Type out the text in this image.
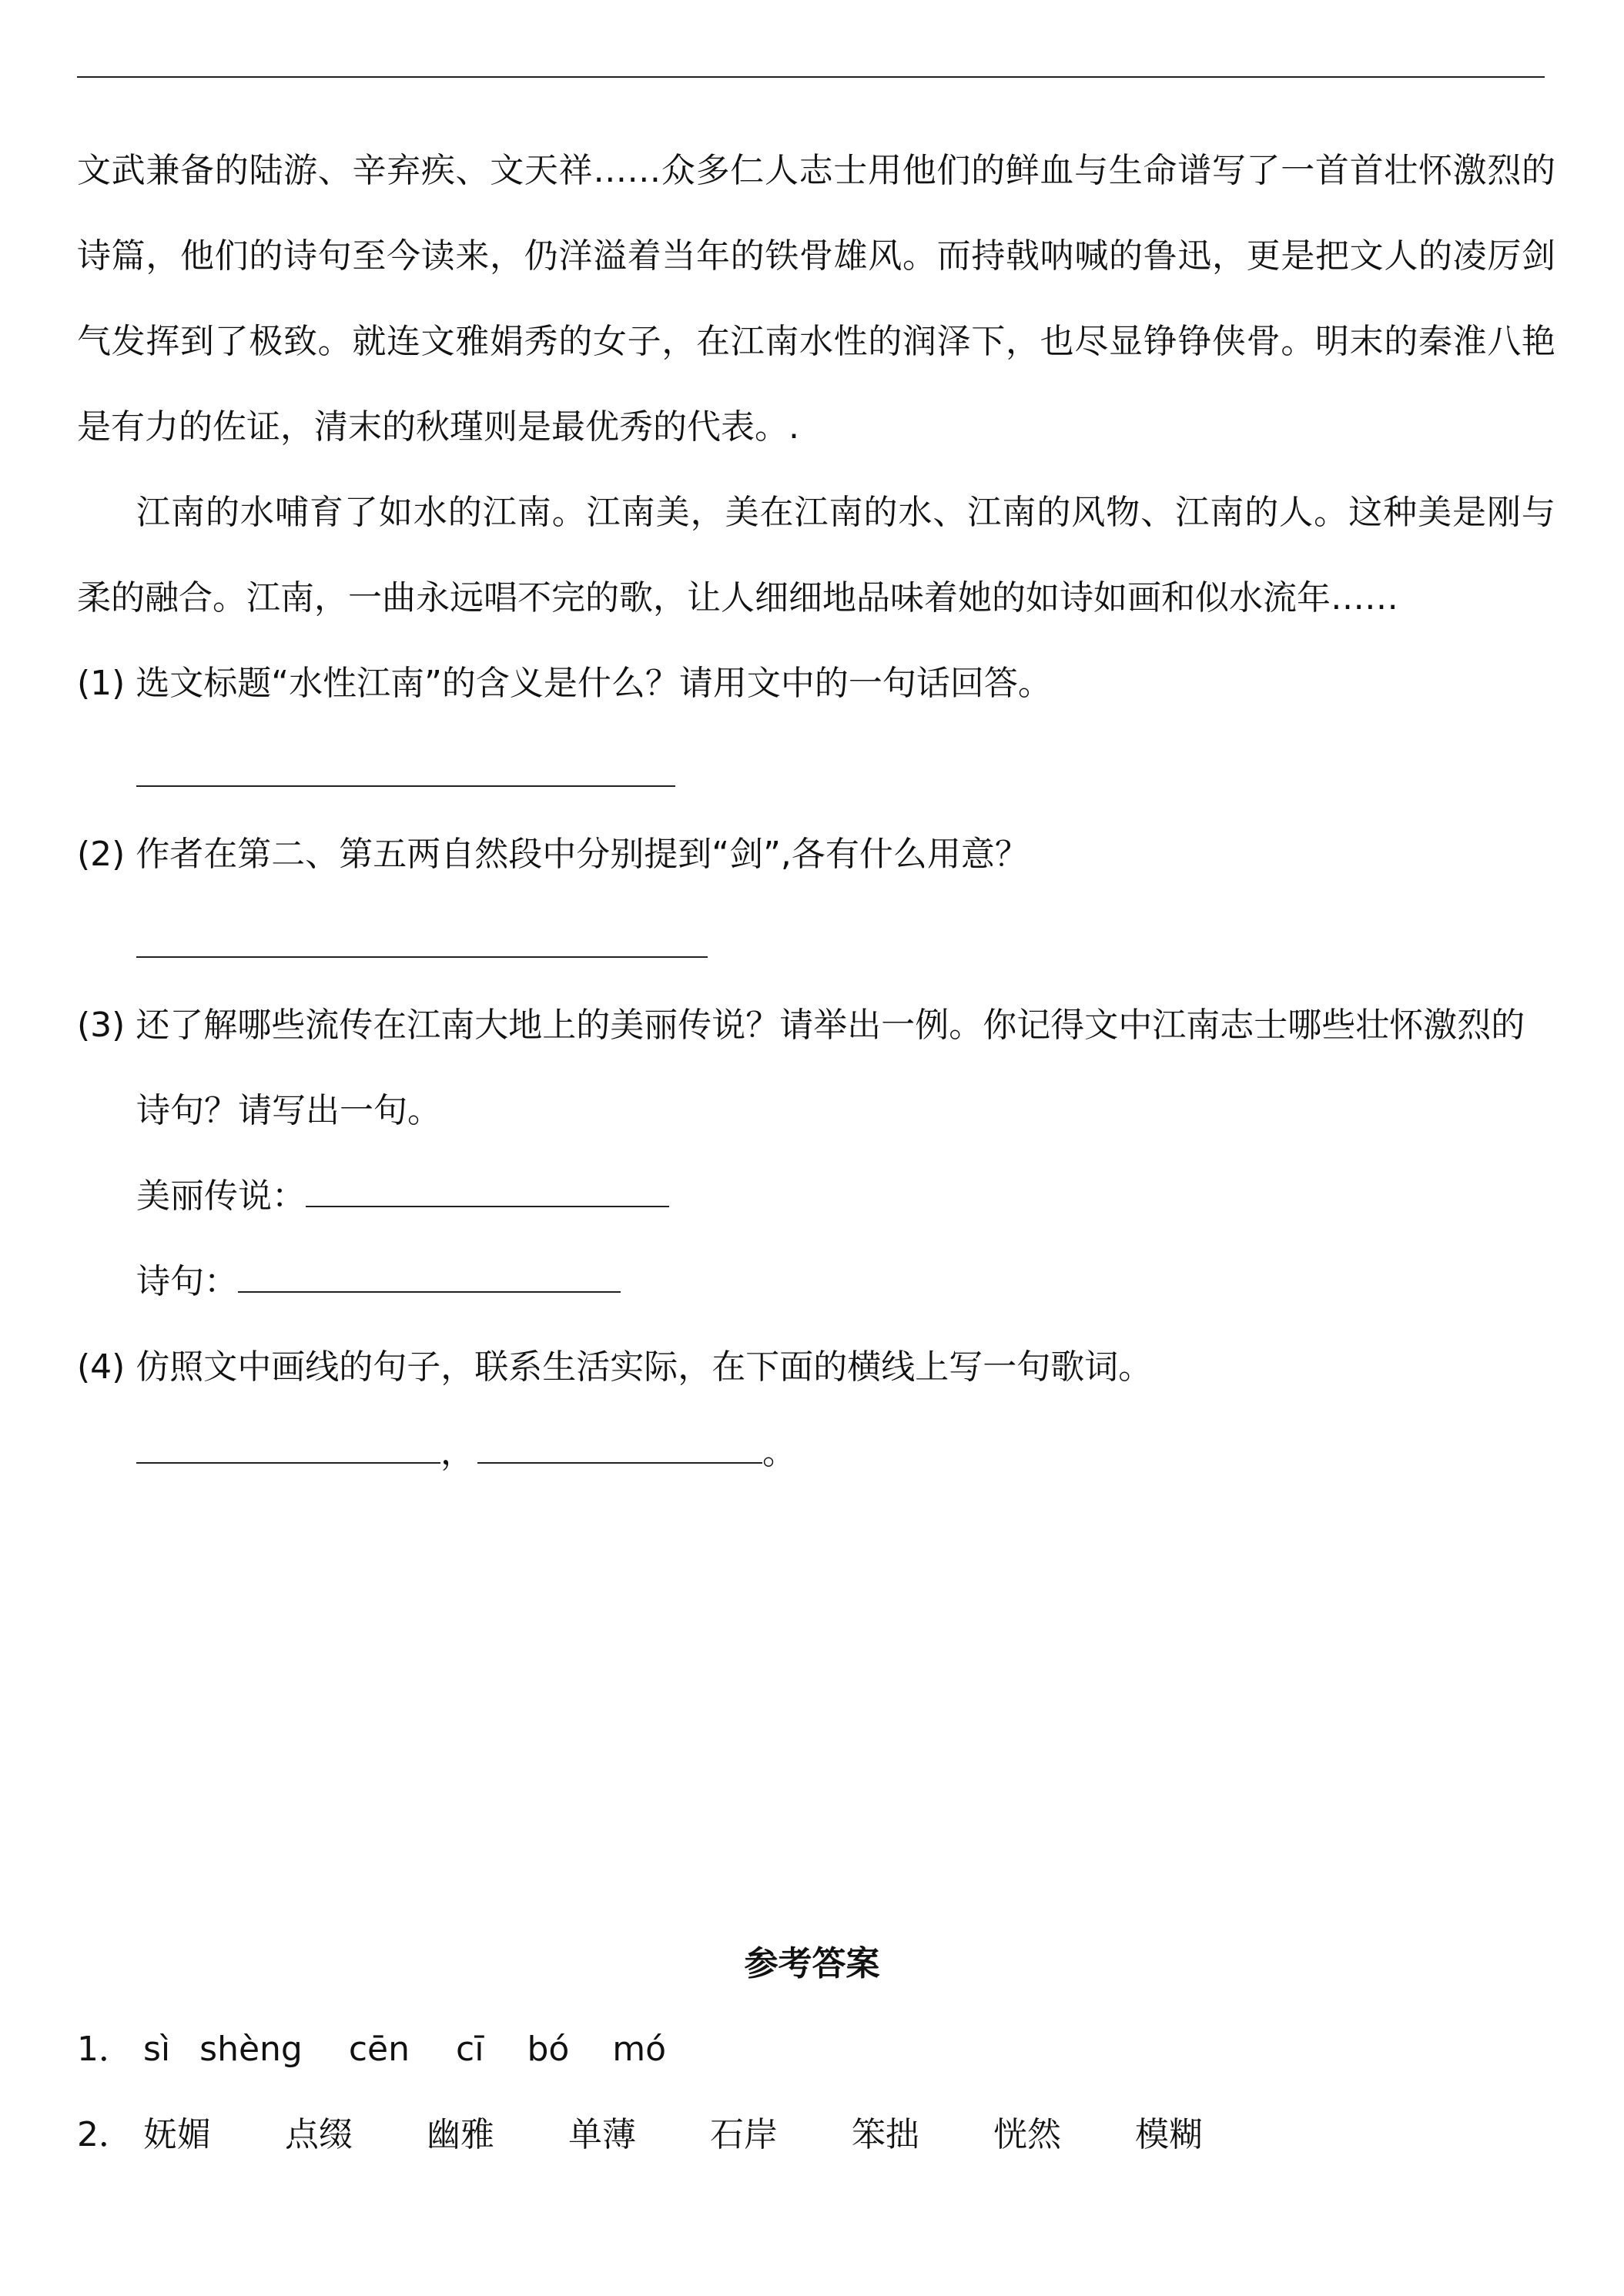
文武兼备的陆游、辛弃疾、文天祥……众多仁人志士用他们的鲜血与生命谱写了一首首壮怀激烈的诗篇，他们的诗句至今读来，仍洋溢着当年的铁骨雄风。而持戟呐喊的鲁迅，更是把文人的凌厉剑气发挥到了极致。就连文雅娟秀的女子，在江南水性的润泽下，也尽显铮铮侠骨。明末的秦淮八艳是有力的佐证，清末的秋瑾则是最优秀的代表。.

江南的水哺育了如水的江南。江南美，美在江南的水、江南的风物、江南的人。这种美是刚与柔的融合。江南，一曲永远唱不完的歌，让人细细地品味着她的如诗如画和似水流年……

(1) 选文标题“水性江南”的含义是什么？请用文中的一句话回答。

(2) 作者在第二、第五两自然段中分别提到“剑”,各有什么用意？

(3) 还了解哪些流传在江南大地上的美丽传说？请举出一例。你记得文中江南志士哪些壮怀激烈的诗句？请写出一句。

美丽传说：
诗句：

(4) 仿照文中画线的句子，联系生活实际，在下面的横线上写一句歌词。

，	。
参考答案
1． sì shèng cēn cī bó mó
2． 妩媚 点缀 幽雅 单薄 石岸 笨拙 恍然 模糊
